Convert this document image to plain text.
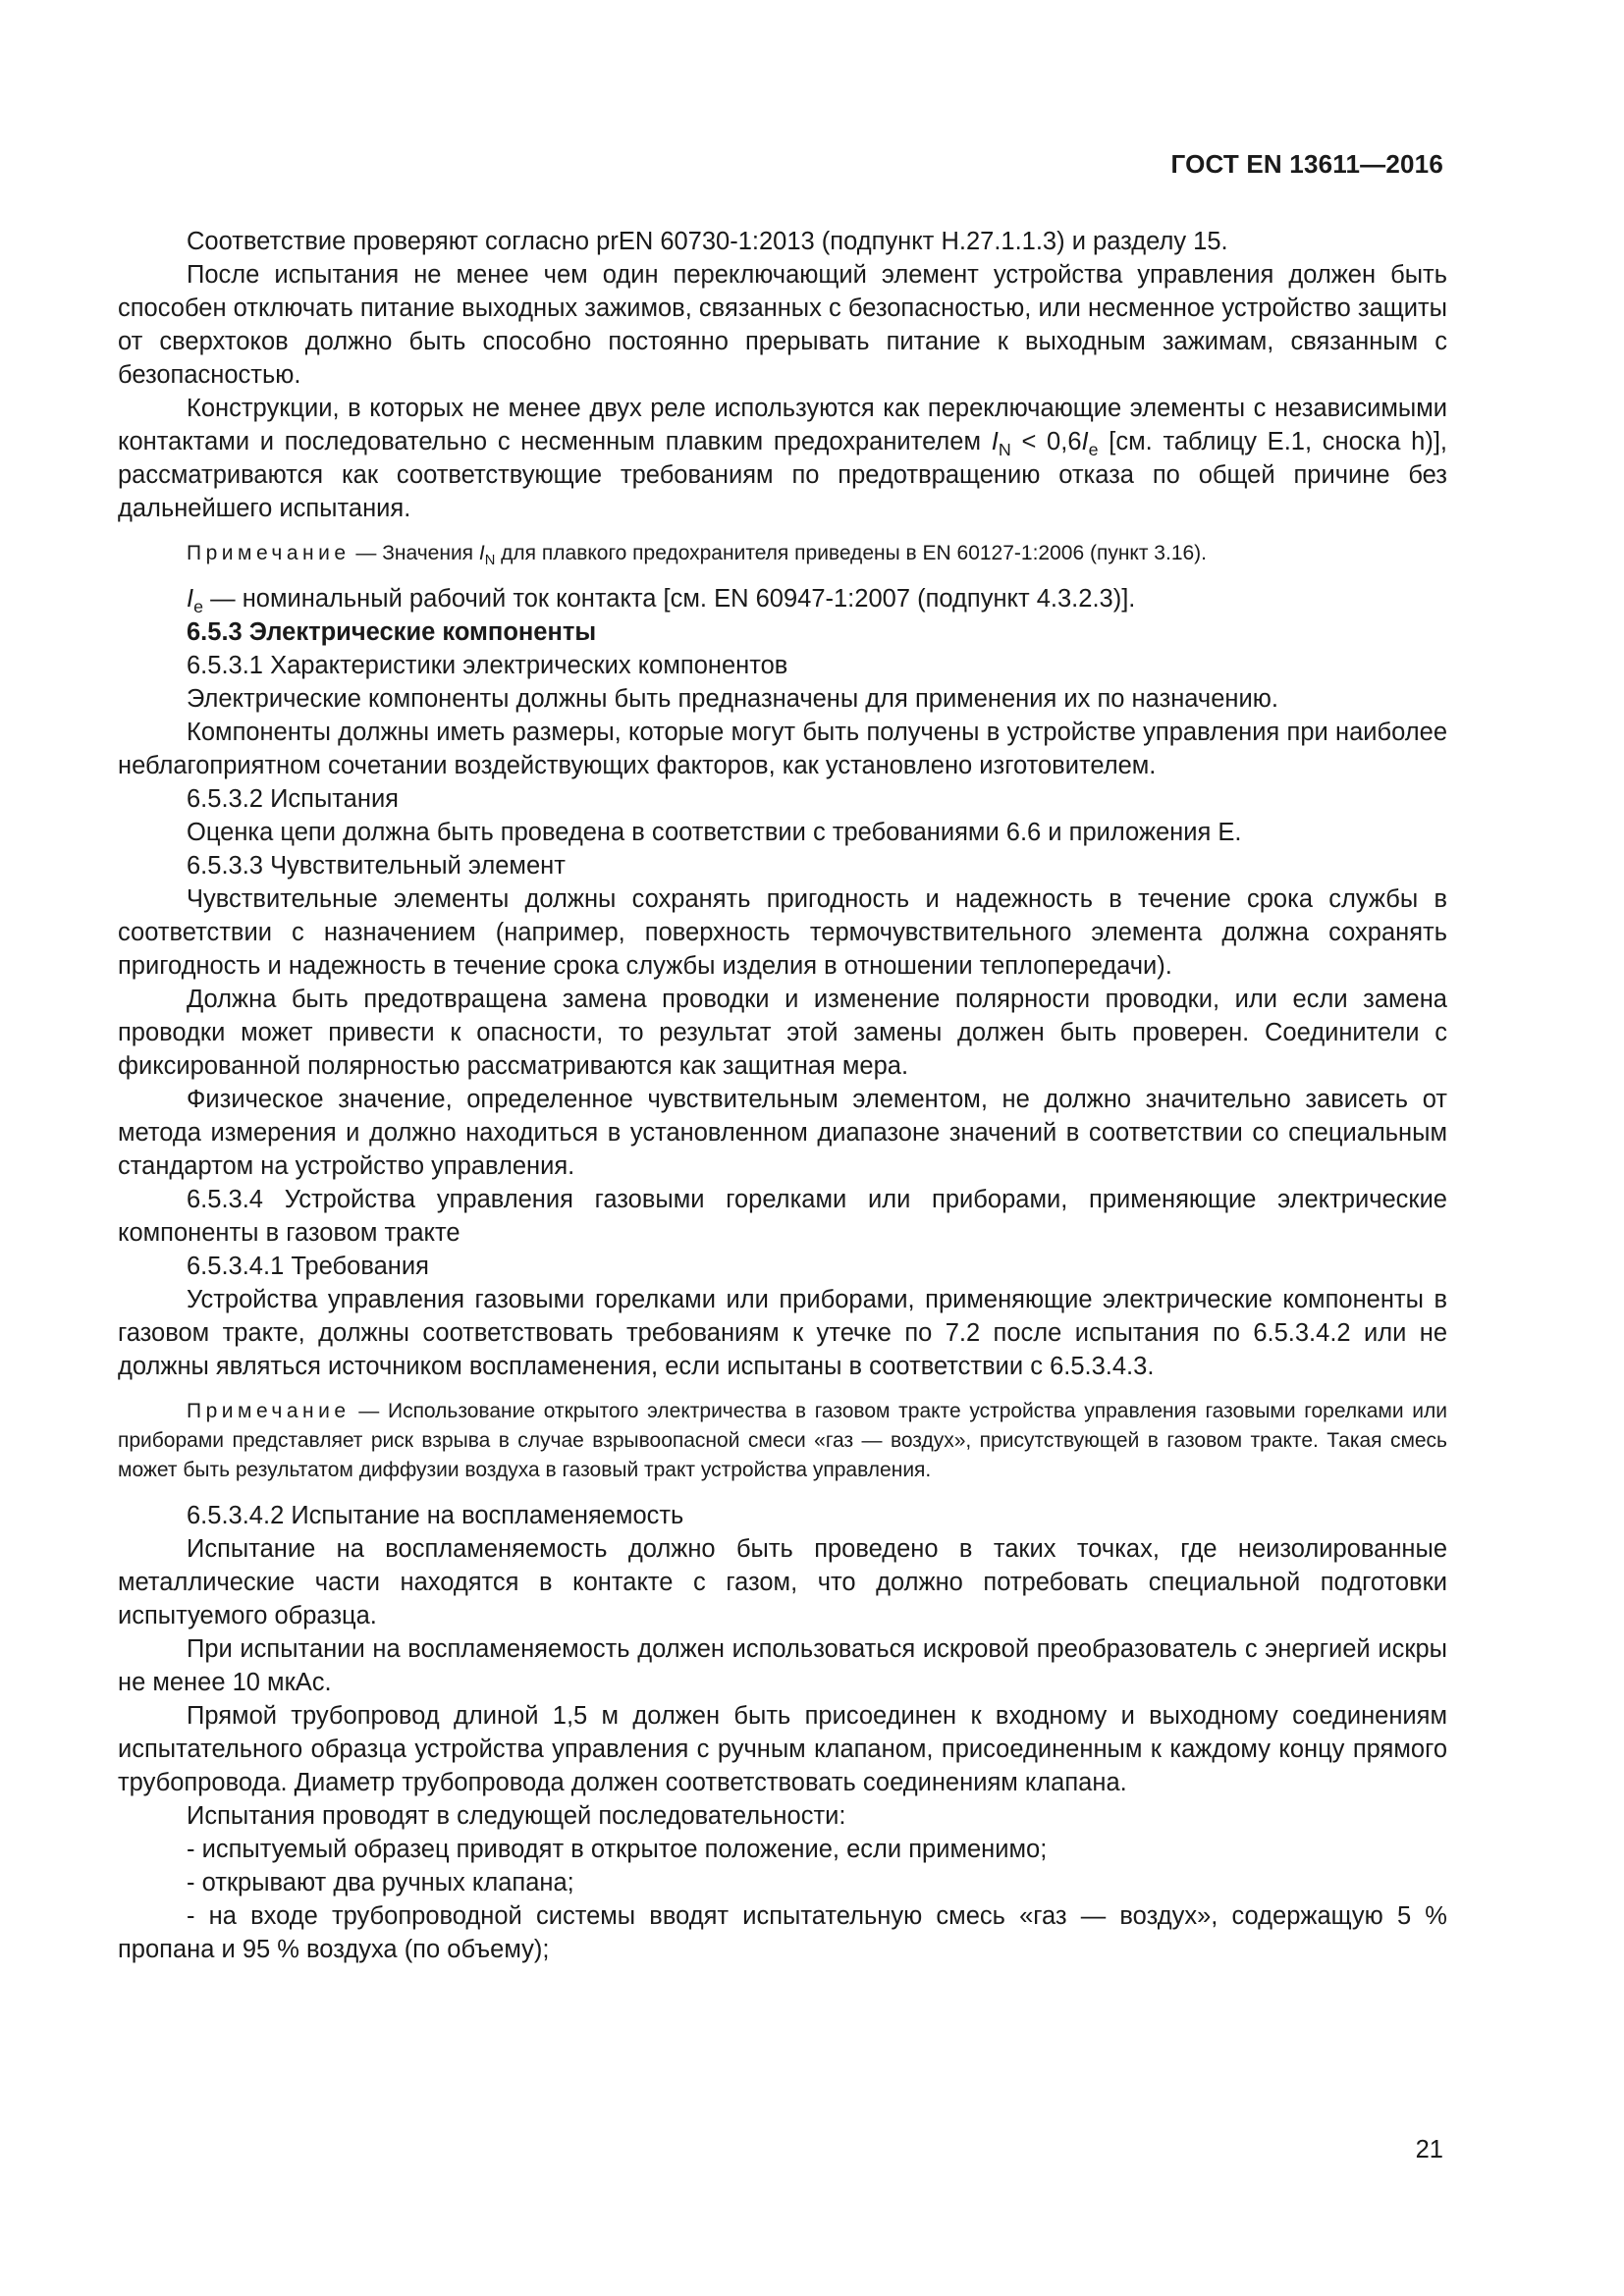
ГОСТ EN 13611—2016

Соответствие проверяют согласно prEN 60730-1:2013 (подпункт H.27.1.1.3) и разделу 15.

После испытания не менее чем один переключающий элемент устройства управления должен быть способен отключать питание выходных зажимов, связанных с безопасностью, или несменное устройство защиты от сверхтоков должно быть способно постоянно прерывать питание к выходным зажимам, связанным с безопасностью.

Конструкции, в которых не менее двух реле используются как переключающие элементы с независимыми контактами и последовательно с несменным плавким предохранителем $I_N < 0,6I_e$ [см. таблицу Е.1, сноска h)], рассматриваются как соответствующие требованиям по предотвращению отказа по общей причине без дальнейшего испытания.

Примечание — Значения $I_N$ для плавкого предохранителя приведены в EN 60127-1:2006 (пункт 3.16).

$I_e$ — номинальный рабочий ток контакта [см. EN 60947-1:2007 (подпункт 4.3.2.3)].

6.5.3 Электрические компоненты

6.5.3.1 Характеристики электрических компонентов

Электрические компоненты должны быть предназначены для применения их по назначению.

Компоненты должны иметь размеры, которые могут быть получены в устройстве управления при наиболее неблагоприятном сочетании воздействующих факторов, как установлено изготовителем.

6.5.3.2 Испытания

Оценка цепи должна быть проведена в соответствии с требованиями 6.6 и приложения Е.

6.5.3.3 Чувствительный элемент

Чувствительные элементы должны сохранять пригодность и надежность в течение срока службы в соответствии с назначением (например, поверхность термочувствительного элемента должна сохранять пригодность и надежность в течение срока службы изделия в отношении теплопередачи).

Должна быть предотвращена замена проводки и изменение полярности проводки, или если замена проводки может привести к опасности, то результат этой замены должен быть проверен. Соединители с фиксированной полярностью рассматриваются как защитная мера.

Физическое значение, определенное чувствительным элементом, не должно значительно зависеть от метода измерения и должно находиться в установленном диапазоне значений в соответствии со специальным стандартом на устройство управления.

6.5.3.4 Устройства управления газовыми горелками или приборами, применяющие электрические компоненты в газовом тракте

6.5.3.4.1 Требования

Устройства управления газовыми горелками или приборами, применяющие электрические компоненты в газовом тракте, должны соответствовать требованиям к утечке по 7.2 после испытания по 6.5.3.4.2 или не должны являться источником воспламенения, если испытаны в соответствии с 6.5.3.4.3.

Примечание — Использование открытого электричества в газовом тракте устройства управления газовыми горелками или приборами представляет риск взрыва в случае взрывоопасной смеси «газ — воздух», присутствующей в газовом тракте. Такая смесь может быть результатом диффузии воздуха в газовый тракт устройства управления.

6.5.3.4.2 Испытание на воспламеняемость

Испытание на воспламеняемость должно быть проведено в таких точках, где неизолированные металлические части находятся в контакте с газом, что должно потребовать специальной подготовки испытуемого образца.

При испытании на воспламеняемость должен использоваться искровой преобразователь с энергией искры не менее 10 мкАс.

Прямой трубопровод длиной 1,5 м должен быть присоединен к входному и выходному соединениям испытательного образца устройства управления с ручным клапаном, присоединенным к каждому концу прямого трубопровода. Диаметр трубопровода должен соответствовать соединениям клапана.

Испытания проводят в следующей последовательности:

- испытуемый образец приводят в открытое положение, если применимо;

- открывают два ручных клапана;

- на входе трубопроводной системы вводят испытательную смесь «газ — воздух», содержащую 5 % пропана и 95 % воздуха (по объему);

21
